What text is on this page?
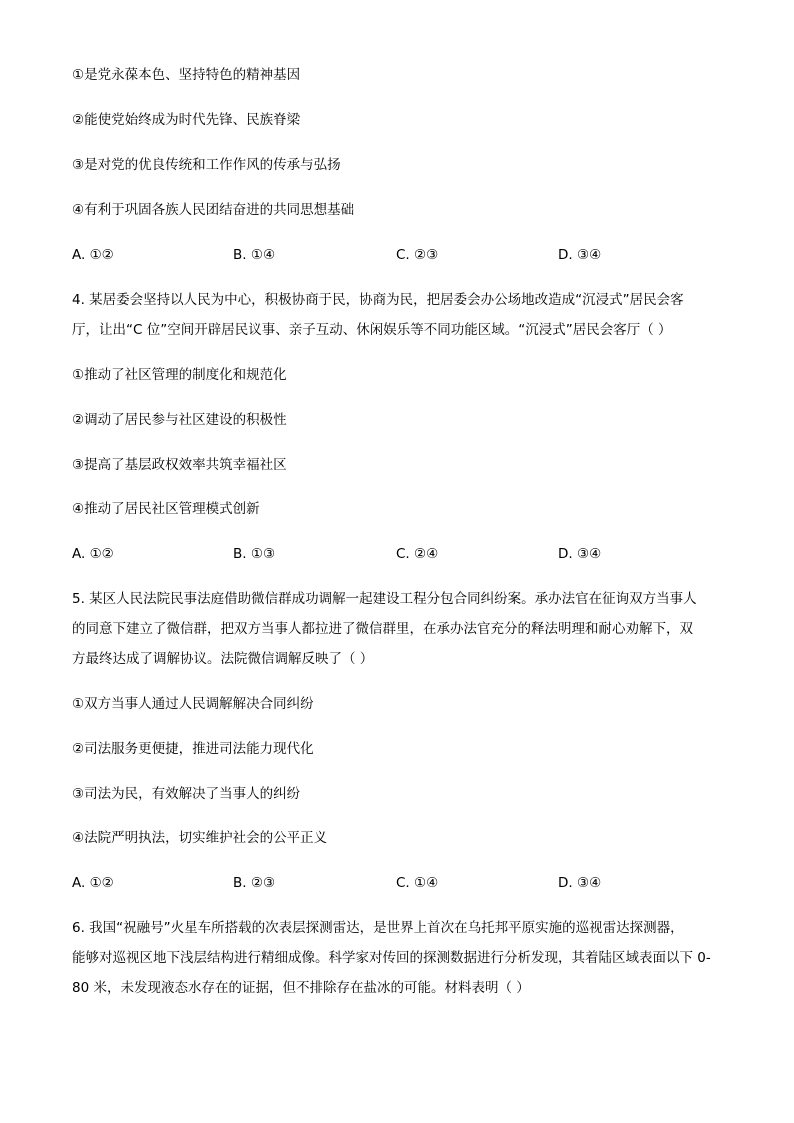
①是党永葆本色、坚持特色的精神基因
②能使党始终成为时代先锋、民族脊梁
③是对党的优良传统和工作作风的传承与弘扬
④有利于巩固各族人民团结奋进的共同思想基础
A. ①②	B. ①④	C. ②③	D. ③④
4. 某居委会坚持以人民为中心，积极协商于民，协商为民，把居委会办公场地改造成“沉浸式”居民会客
厅，让出“C 位”空间开辟居民议事、亲子互动、休闲娱乐等不同功能区域。“沉浸式”居民会客厅（ ）
①推动了社区管理的制度化和规范化
②调动了居民参与社区建设的积极性
③提高了基层政权效率共筑幸福社区
④推动了居民社区管理模式创新
A. ①②	B. ①③	C. ②④	D. ③④
5. 某区人民法院民事法庭借助微信群成功调解一起建设工程分包合同纠纷案。承办法官在征询双方当事人
的同意下建立了微信群，把双方当事人都拉进了微信群里，在承办法官充分的释法明理和耐心劝解下，双
方最终达成了调解协议。法院微信调解反映了（ ）
①双方当事人通过人民调解解决合同纠纷
②司法服务更便捷，推进司法能力现代化
③司法为民，有效解决了当事人的纠纷
④法院严明执法，切实维护社会的公平正义
A. ①②	B. ②③	C. ①④	D. ③④
6. 我国“祝融号”火星车所搭载的次表层探测雷达，是世界上首次在乌托邦平原实施的巡视雷达探测器，
能够对巡视区地下浅层结构进行精细成像。科学家对传回的探测数据进行分析发现，其着陆区域表面以下 0-
80 米，未发现液态水存在的证据，但不排除存在盐冰的可能。材料表明（ ）
